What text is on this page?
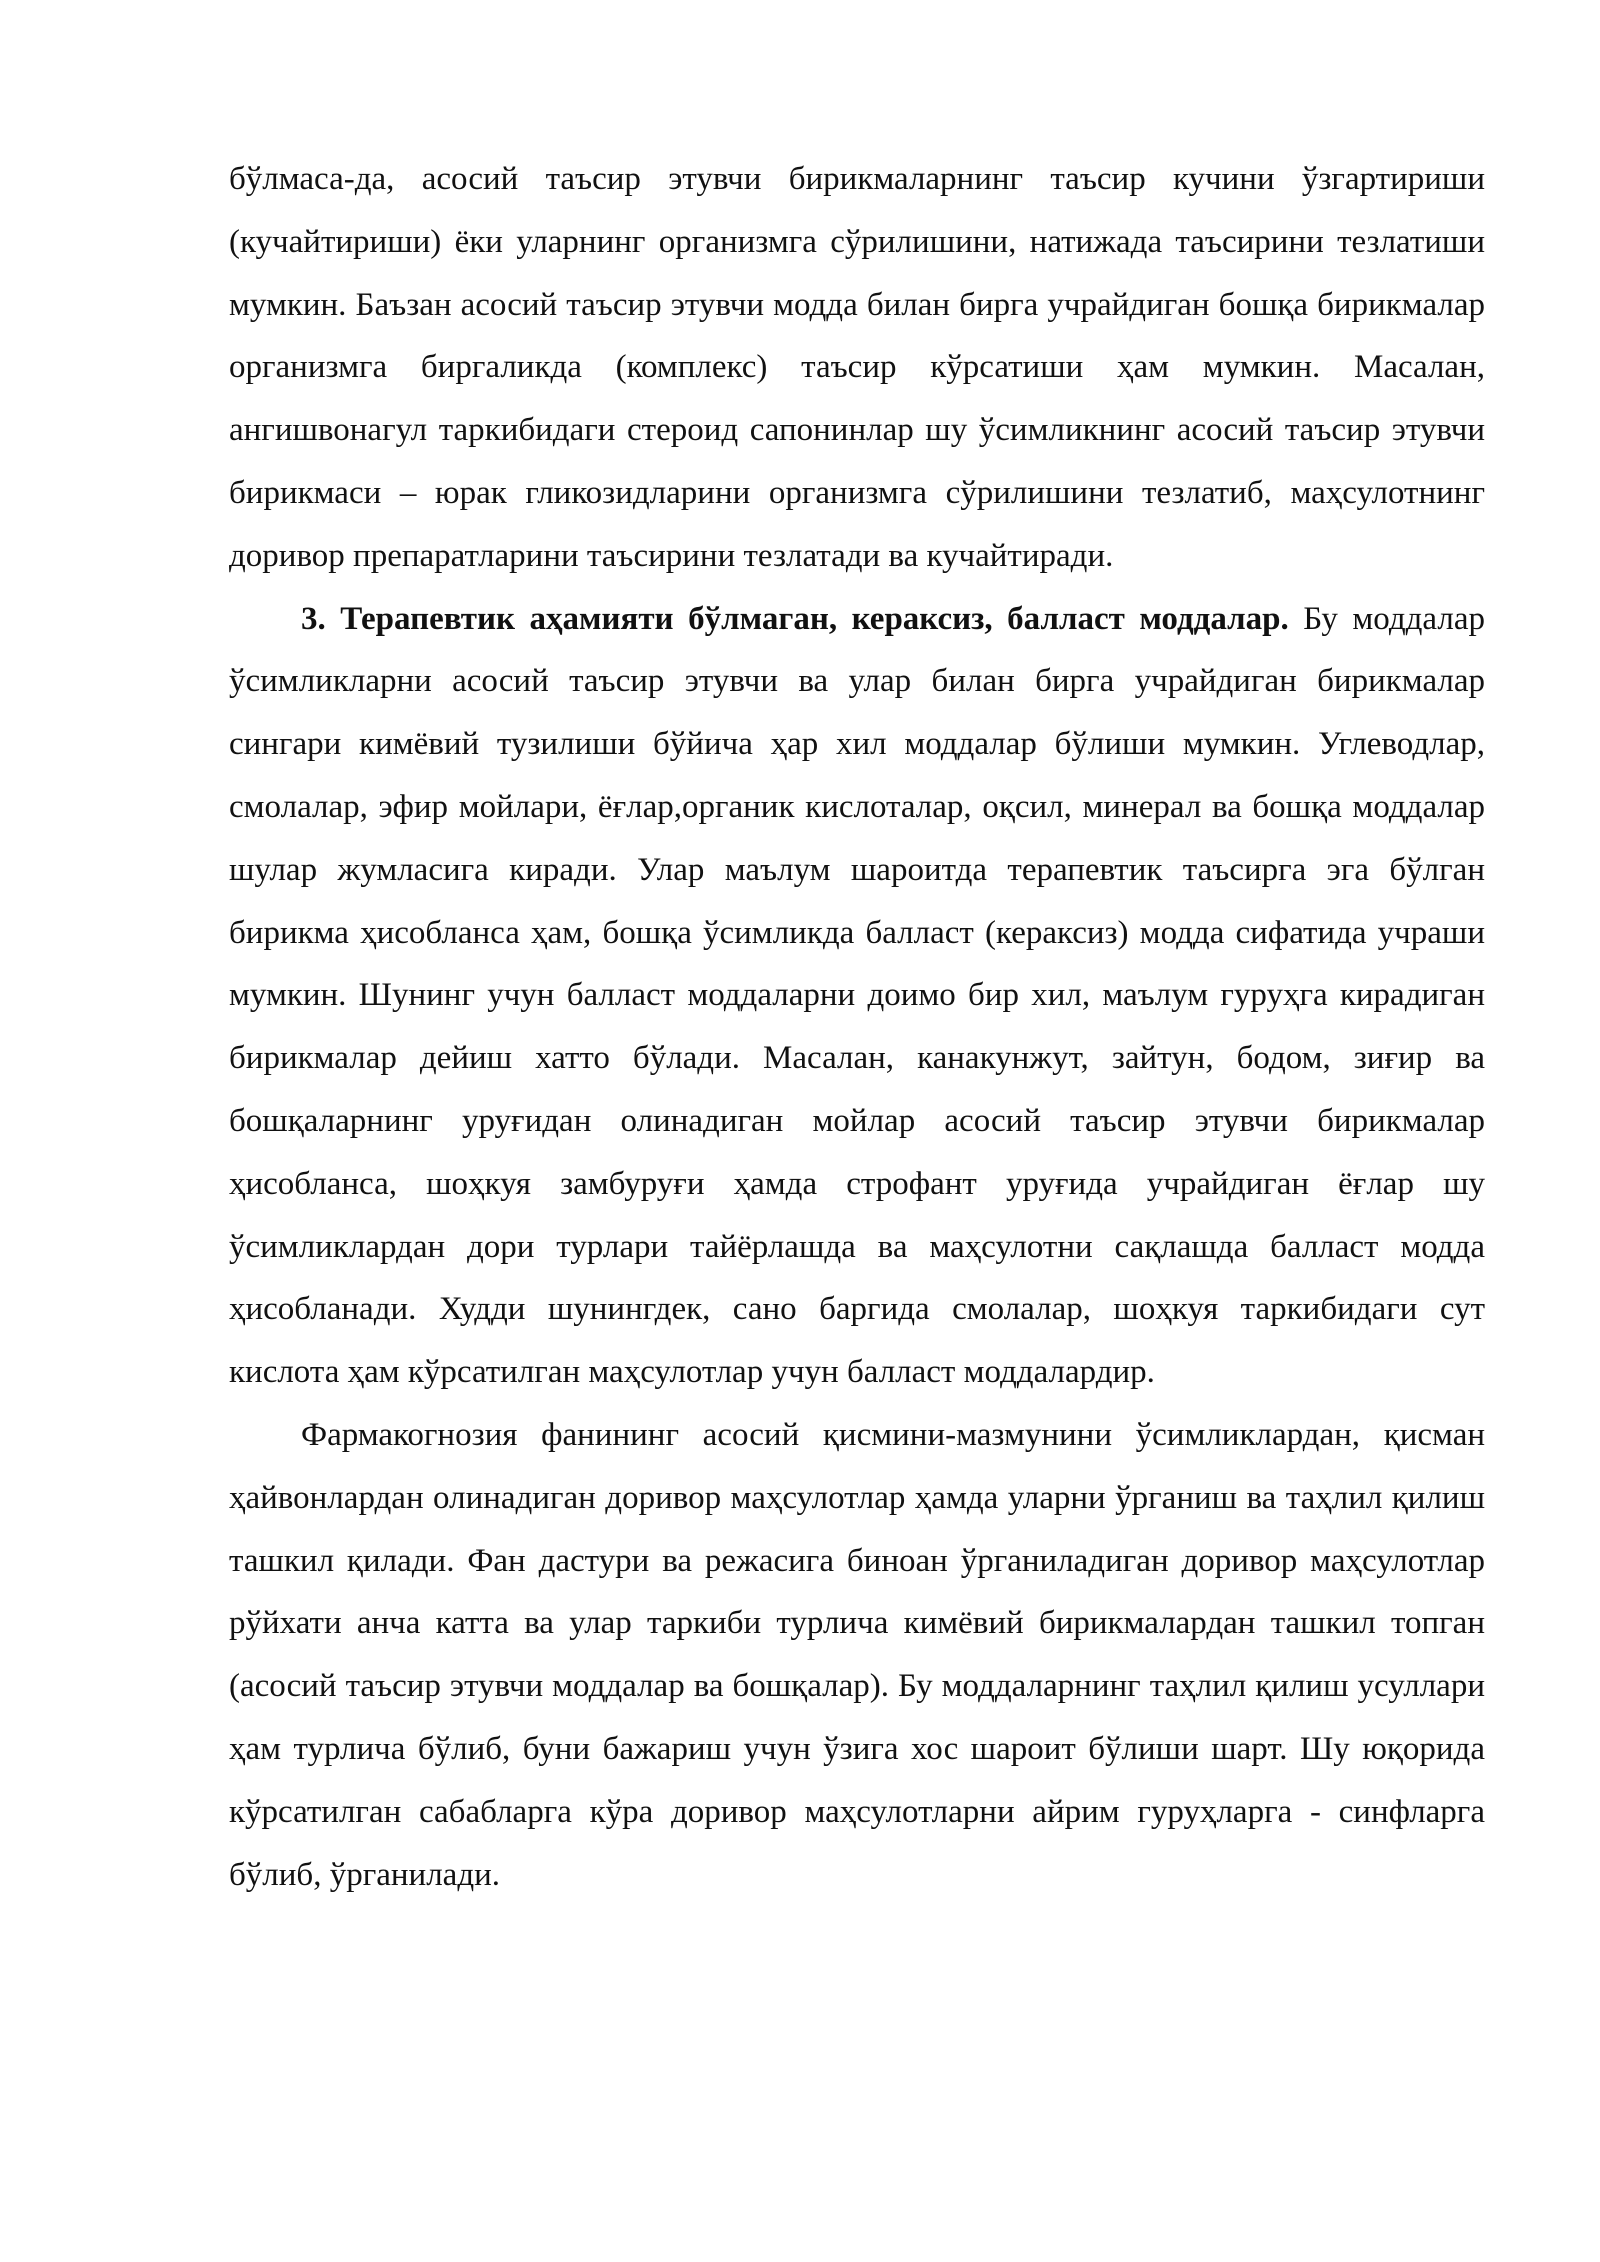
бўлмаса-да, асосий таъсир этувчи бирикмаларнинг таъсир кучини ўзгартириши (кучайтириши) ёки уларнинг организмга сўрилишини, натижада таъсирини тезлатиши мумкин. Баъзан асосий таъсир этувчи модда билан бирга учрайдиган бошқа бирикмалар организмга биргаликда (комплекс) таъсир кўрсатиши ҳам мумкин. Масалан, ангишвонагул таркибидаги стероид сапонинлар шу ўсимликнинг асосий таъсир этувчи бирикмаси – юрак гликозидларини организмга сўрилишини тезлатиб, маҳсулотнинг доривор препаратларини таъсирини тезлатади ва кучайтиради.

3. Терапевтик аҳамияти бўлмаган, кераксиз, балласт моддалар. Бу моддалар ўсимликларни асосий таъсир этувчи ва улар билан бирга учрайдиган бирикмалар сингари кимёвий тузилиши бўйича ҳар хил моддалар бўлиши мумкин. Углеводлар, смолалар, эфир мойлари, ёғлар,органик кислоталар, оқсил, минерал ва бошқа моддалар шулар жумласига киради. Улар маълум шароитда терапевтик таъсирга эга бўлган бирикма ҳисобланса ҳам, бошқа ўсимликда балласт (кераксиз) модда сифатида учраши мумкин. Шунинг учун балласт моддаларни доимо бир хил, маълум гуруҳга кирадиган бирикмалар дейиш хатто бўлади. Масалан, канакунжут, зайтун, бодом, зиғир ва бошқаларнинг уруғидан олинадиган мойлар асосий таъсир этувчи бирикмалар ҳисобланса, шоҳкуя замбуруғи ҳамда строфант уруғида учрайдиган ёғлар шу ўсимликлардан дори турлари тайёрлашда ва маҳсулотни сақлашда балласт модда ҳисобланади. Худди шунингдек, сано баргида смолалар, шоҳкуя таркибидаги сут кислота ҳам кўрсатилган маҳсулотлар учун балласт моддалардир.

Фармакогнозия фанининг асосий қисмини-мазмунини ўсимликлардан, қисман ҳайвонлардан олинадиган доривор маҳсулотлар ҳамда уларни ўрганиш ва таҳлил қилиш ташкил қилади. Фан дастури ва режасига биноан ўрганиладиган доривор маҳсулотлар рўйхати анча катта ва улар таркиби турлича кимёвий бирикмалардан ташкил топган (асосий таъсир этувчи моддалар ва бошқалар). Бу моддаларнинг таҳлил қилиш усуллари ҳам турлича бўлиб, буни бажариш учун ўзига хос шароит бўлиши шарт. Шу юқорида кўрсатилган сабабларга кўра доривор маҳсулотларни айрим гуруҳларга - синфларга бўлиб, ўрганилади.
